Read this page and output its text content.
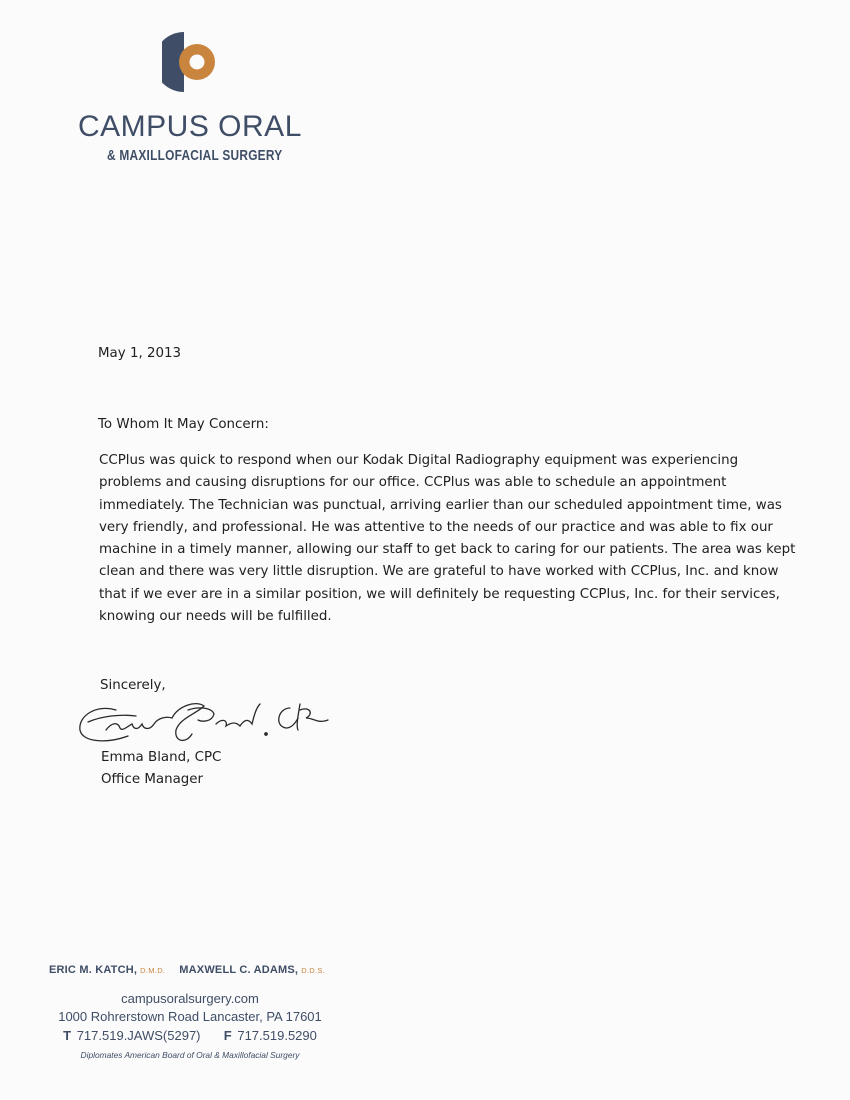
CAMPUS ORAL
& MAXILLOFACIAL SURGERY
May 1, 2013
To Whom It May Concern:
CCPlus was quick to respond when our Kodak Digital Radiography equipment was experiencing
problems and causing disruptions for our office. CCPlus was able to schedule an appointment
immediately. The Technician was punctual, arriving earlier than our scheduled appointment time, was
very friendly, and professional. He was attentive to the needs of our practice and was able to fix our
machine in a timely manner, allowing our staff to get back to caring for our patients. The area was kept
clean and there was very little disruption. We are grateful to have worked with CCPlus, Inc. and know
that if we ever are in a similar position, we will definitely be requesting CCPlus, Inc. for their services,
knowing our needs will be fulfilled.
Sincerely,
Emma Bland, CPC
Office Manager
ERIC M. KATCH, D.M.D. MAXWELL C. ADAMS, D.D.S.
campusoralsurgery.com
1000 Rohrerstown Road Lancaster, PA 17601
T 717.519.JAWS(5297) F 717.519.5290
Diplomates American Board of Oral & Maxillofacial Surgery
